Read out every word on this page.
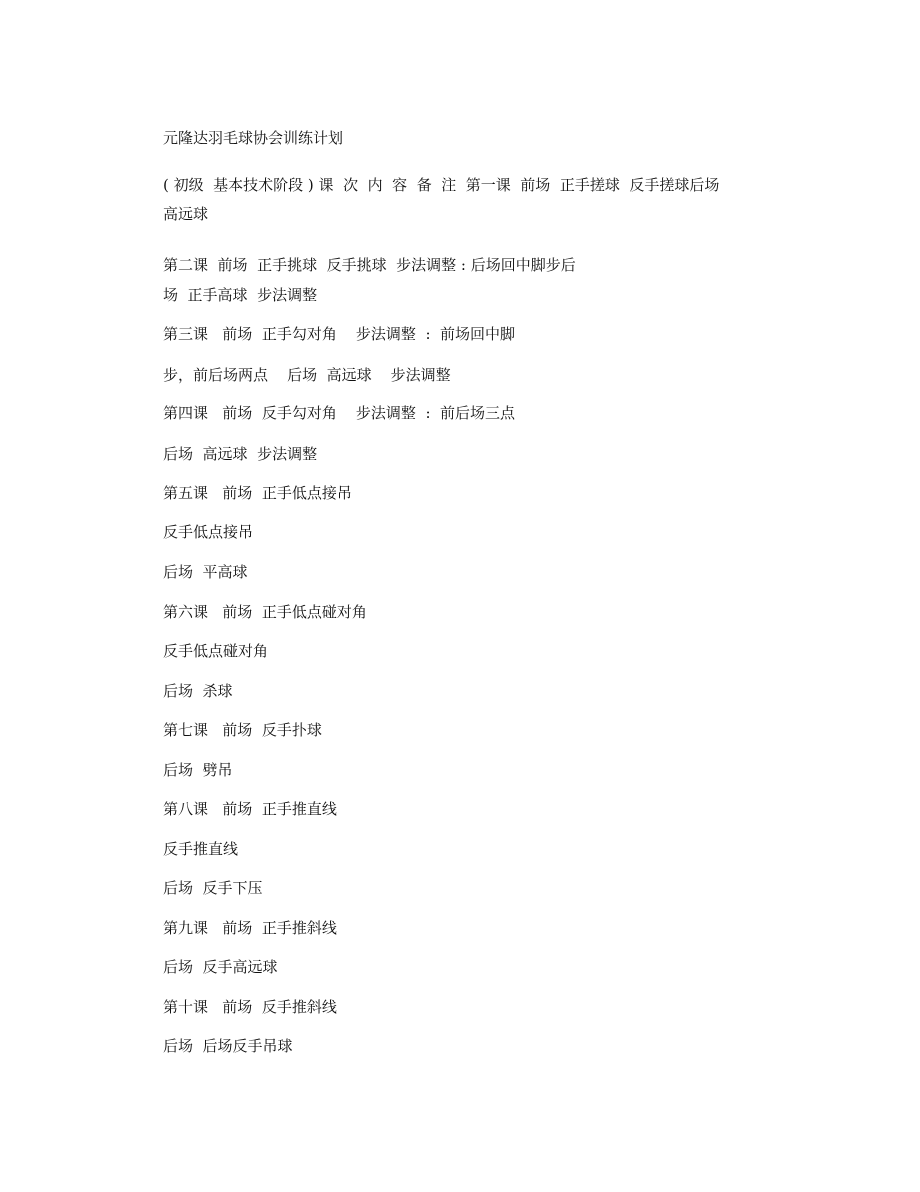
元隆达羽毛球协会训练计划

( 初级  基本技术阶段 ) 课  次  内  容  备  注  第一课  前场  正手搓球  反手搓球后场

高远球

第二课  前场  正手挑球  反手挑球  步法调整 : 后场回中脚步后

场  正手高球  步法调整

第三课   前场  正手勾对角    步法调整  :  前场回中脚

步，前后场两点    后场  高远球    步法调整

第四课   前场  反手勾对角    步法调整  :  前后场三点

后场  高远球  步法调整

第五课   前场  正手低点接吊

反手低点接吊

后场  平高球

第六课   前场  正手低点碰对角

反手低点碰对角

后场  杀球

第七课   前场  反手扑球

后场  劈吊

第八课   前场  正手推直线

反手推直线

后场  反手下压

第九课   前场  正手推斜线

后场  反手高远球

第十课   前场  反手推斜线

后场  后场反手吊球
